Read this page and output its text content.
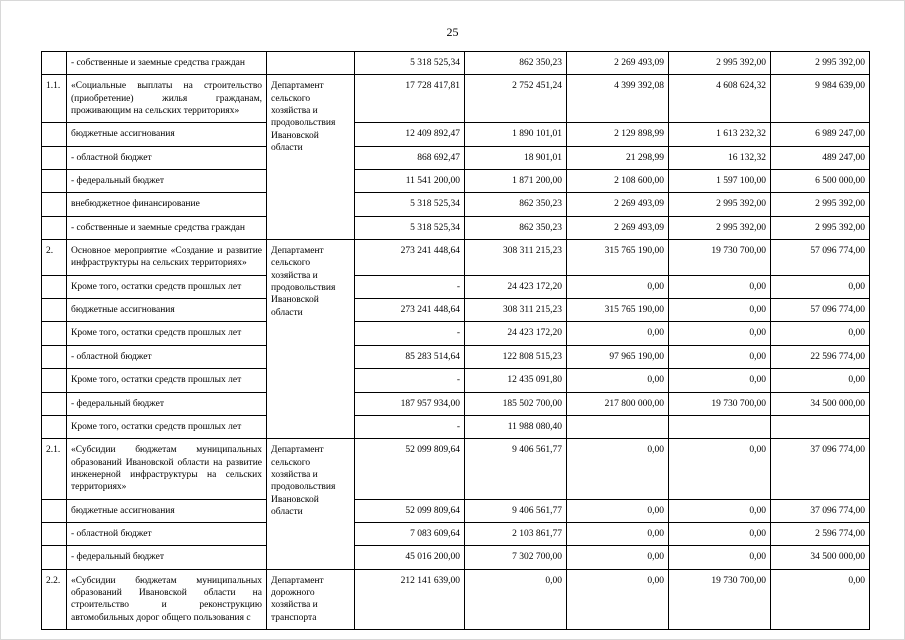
25
	- собственные и заемные средства граждан		5 318 525,34	862 350,23	2 269 493,09	2 995 392,00	2 995 392,00
1.1.	«Социальные выплаты на строительство (приобретение) жилья гражданам, проживающим на сельских территориях»	Департамент сельского хозяйства и продовольствия Ивановской области	17 728 417,81	2 752 451,24	4 399 392,08	4 608 624,32	9 984 639,00
	бюджетные ассигнования		12 409 892,47	1 890 101,01	2 129 898,99	1 613 232,32	6 989 247,00
	- областной бюджет		868 692,47	18 901,01	21 298,99	16 132,32	489 247,00
	- федеральный бюджет		11 541 200,00	1 871 200,00	2 108 600,00	1 597 100,00	6 500 000,00
	внебюджетное финансирование		5 318 525,34	862 350,23	2 269 493,09	2 995 392,00	2 995 392,00
	- собственные и заемные средства граждан		5 318 525,34	862 350,23	2 269 493,09	2 995 392,00	2 995 392,00
2.	Основное мероприятие «Создание и развитие инфраструктуры на сельских территориях»	Департамент сельского хозяйства и продовольствия Ивановской области	273 241 448,64	308 311 215,23	315 765 190,00	19 730 700,00	57 096 774,00
	Кроме того, остатки средств прошлых лет		-	24 423 172,20	0,00	0,00	0,00
	бюджетные ассигнования		273 241 448,64	308 311 215,23	315 765 190,00	0,00	57 096 774,00
	Кроме того, остатки средств прошлых лет		-	24 423 172,20	0,00	0,00	0,00
	- областной бюджет		85 283 514,64	122 808 515,23	97 965 190,00	0,00	22 596 774,00
	Кроме того, остатки средств прошлых лет		-	12 435 091,80	0,00	0,00	0,00
	- федеральный бюджет		187 957 934,00	185 502 700,00	217 800 000,00	19 730 700,00	34 500 000,00
	Кроме того, остатки средств прошлых лет		-	11 988 080,40			
2.1.	«Субсидии бюджетам муниципальных образований Ивановской области на развитие инженерной инфраструктуры на сельских территориях»	Департамент сельского хозяйства и продовольствия Ивановской области	52 099 809,64	9 406 561,77	0,00	0,00	37 096 774,00
	бюджетные ассигнования		52 099 809,64	9 406 561,77	0,00	0,00	37 096 774,00
	- областной бюджет		7 083 609,64	2 103 861,77	0,00	0,00	2 596 774,00
	- федеральный бюджет		45 016 200,00	7 302 700,00	0,00	0,00	34 500 000,00
2.2.	«Субсидии бюджетам муниципальных образований Ивановской области на строительство и реконструкцию автомобильных дорог общего пользования с	Департамент дорожного хозяйства и транспорта	212 141 639,00	0,00	0,00	19 730 700,00	0,00
